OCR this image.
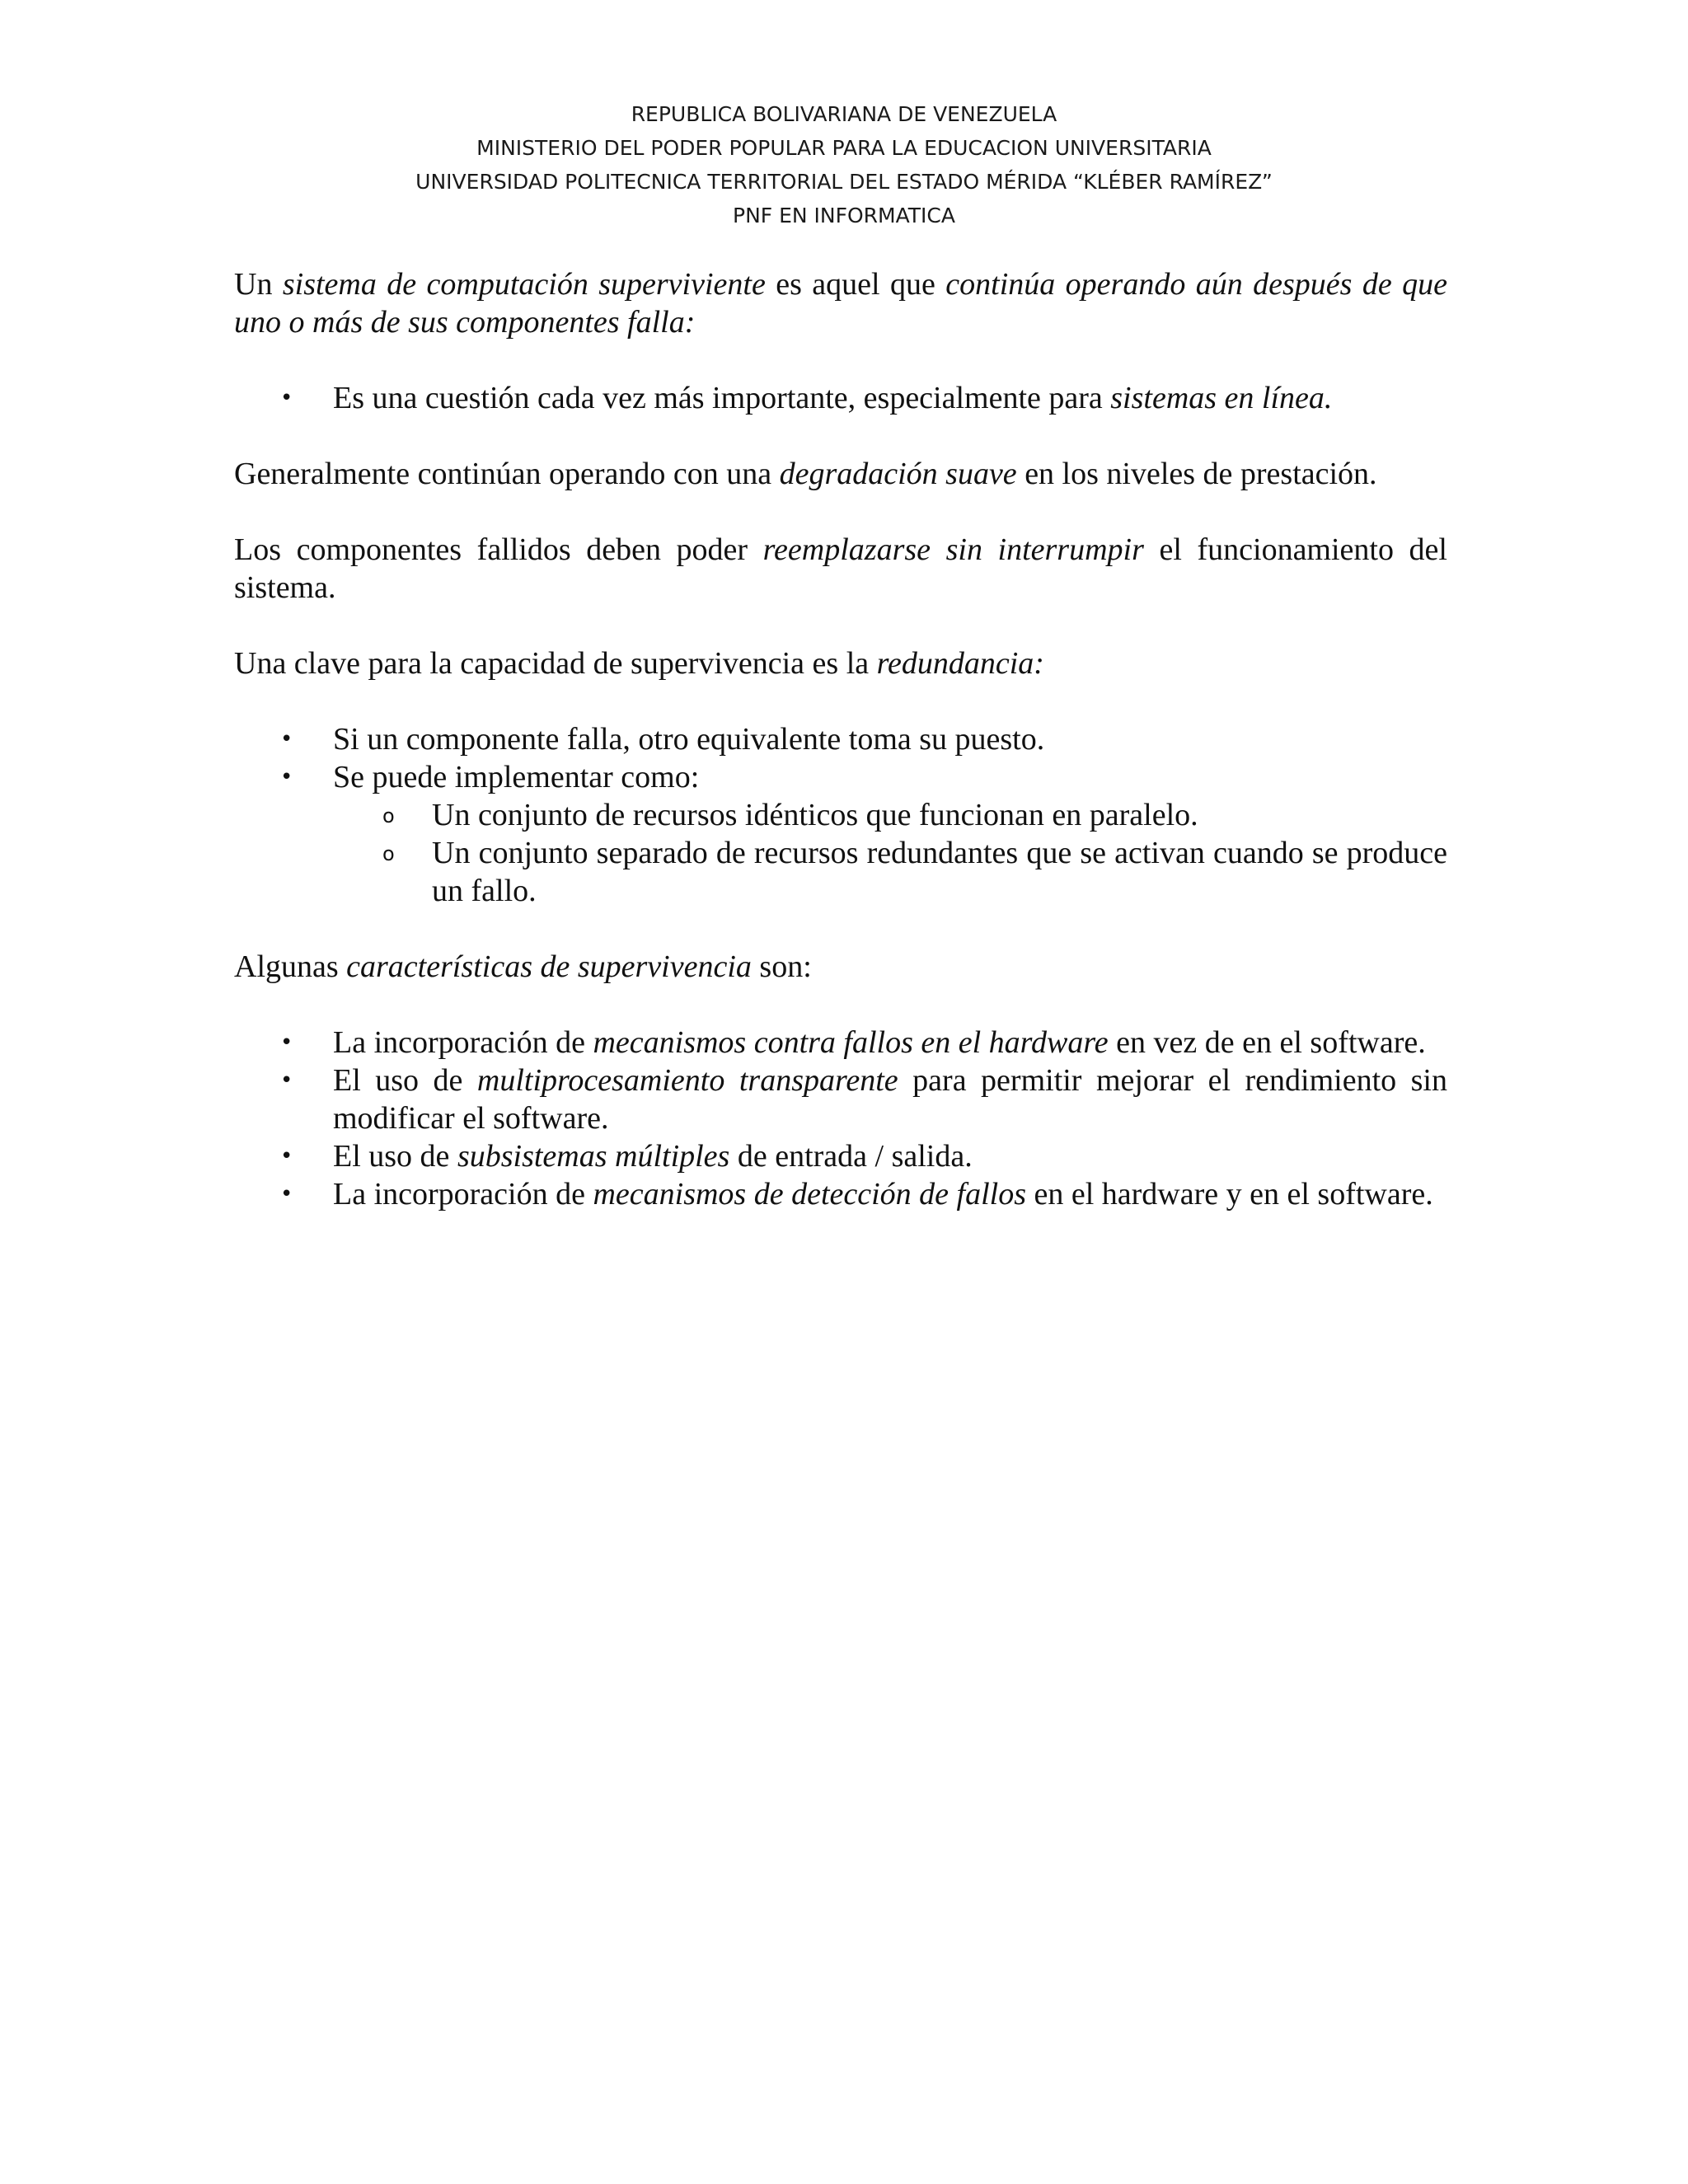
REPUBLICA BOLIVARIANA DE VENEZUELA
MINISTERIO DEL PODER POPULAR PARA LA EDUCACION UNIVERSITARIA
UNIVERSIDAD POLITECNICA TERRITORIAL DEL ESTADO MÉRIDA “KLÉBER RAMÍREZ”
PNF EN INFORMATICA

Un sistema de computación superviviente es aquel que continúa operando aún después de que uno o más de sus componentes falla:

• Es una cuestión cada vez más importante, especialmente para sistemas en línea.

Generalmente continúan operando con una degradación suave en los niveles de prestación.

Los componentes fallidos deben poder reemplazarse sin interrumpir el funcionamiento del sistema.

Una clave para la capacidad de supervivencia es la redundancia:

• Si un componente falla, otro equivalente toma su puesto.
• Se puede implementar como:
o Un conjunto de recursos idénticos que funcionan en paralelo.
o Un conjunto separado de recursos redundantes que se activan cuando se produce un fallo.

Algunas características de supervivencia son:

• La incorporación de mecanismos contra fallos en el hardware en vez de en el software.
• El uso de multiprocesamiento transparente para permitir mejorar el rendimiento sin modificar el software.
• El uso de subsistemas múltiples de entrada / salida.
• La incorporación de mecanismos de detección de fallos en el hardware y en el software.
